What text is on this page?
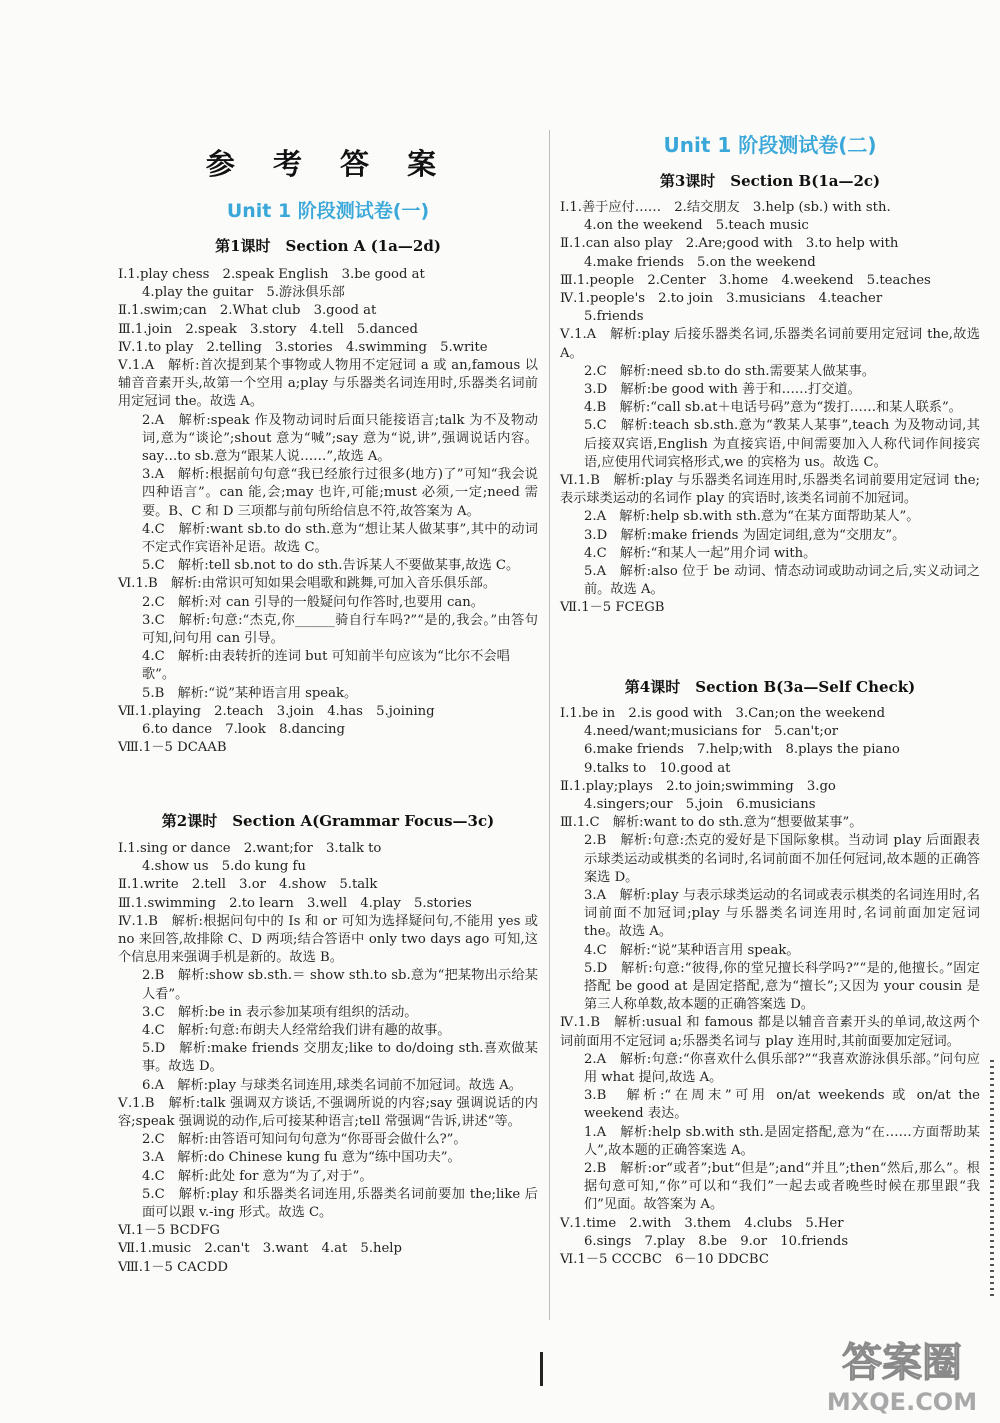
参 考 答 案
Unit 1 阶段测试卷(一)
第1课时　Section A (1a—2d)
Ⅰ.1.play chess　2.speak English　3.be good at
4.play the guitar　5.游泳俱乐部
Ⅱ.1.swim;can　2.What club　3.good at
Ⅲ.1.join　2.speak　3.story　4.tell　5.danced
Ⅳ.1.to play　2.telling　3.stories　4.swimming　5.write
Ⅴ.1.A　解析:首次提到某个事物或人物用不定冠词 a 或 an,famous 以辅音音素开头,故第一个空用 a;play 与乐器类名词连用时,乐器类名词前用定冠词 the。故选 A。
2.A　解析:speak 作及物动词时后面只能接语言;talk 为不及物动词,意为“谈论”;shout 意为“喊”;say 意为“说,讲”,强调说话内容。say…to sb.意为“跟某人说……”,故选 A。
3.A　解析:根据前句句意“我已经旅行过很多(地方)了”可知“我会说四种语言”。can 能,会;may 也许,可能;must 必须,一定;need 需要。B、C 和 D 三项都与前句所给信息不符,故答案为 A。
4.C　解析:want sb.to do sth.意为“想让某人做某事”,其中的动词不定式作宾语补足语。故选 C。
5.C　解析:tell sb.not to do sth.告诉某人不要做某事,故选 C。
Ⅵ.1.B　解析:由常识可知如果会唱歌和跳舞,可加入音乐俱乐部。
2.C　解析:对 can 引导的一般疑问句作答时,也要用 can。
3.C　解析:句意:“杰克,你______骑自行车吗?”“是的,我会。”由答句可知,问句用 can 引导。
4.C　解析:由表转折的连词 but 可知前半句应该为“比尔不会唱歌”。
5.B　解析:“说”某种语言用 speak。
Ⅶ.1.playing　2.teach　3.join　4.has　5.joining
6.to dance　7.look　8.dancing
Ⅷ.1－5 DCAAB
第2课时　Section A(Grammar Focus—3c)
Ⅰ.1.sing or dance　2.want;for　3.talk to
4.show us　5.do kung fu
Ⅱ.1.write　2.tell　3.or　4.show　5.talk
Ⅲ.1.swimming　2.to learn　3.well　4.play　5.stories
Ⅳ.1.B　解析:根据问句中的 Is 和 or 可知为选择疑问句,不能用 yes 或 no 来回答,故排除 C、D 两项;结合答语中 only two days ago 可知,这个信息用来强调手机是新的。故选 B。
2.B　解析:show sb.sth.＝ show sth.to sb.意为“把某物出示给某人看”。
3.C　解析:be in 表示参加某项有组织的活动。
4.C　解析:句意:布朗夫人经常给我们讲有趣的故事。
5.D　解析:make friends 交朋友;like to do/doing sth.喜欢做某事。故选 D。
6.A　解析:play 与球类名词连用,球类名词前不加冠词。故选 A。
Ⅴ.1.B　解析:talk 强调双方谈话,不强调所说的内容;say 强调说话的内容;speak 强调说的动作,后可接某种语言;tell 常强调“告诉,讲述”等。
2.C　解析:由答语可知问句句意为“你哥哥会做什么?”。
3.A　解析:do Chinese kung fu 意为“练中国功夫”。
4.C　解析:此处 for 意为“为了,对于”。
5.C　解析:play 和乐器类名词连用,乐器类名词前要加 the;like 后面可以跟 v.-ing 形式。故选 C。
Ⅵ.1－5 BCDFG
Ⅶ.1.music　2.can't　3.want　4.at　5.help
Ⅷ.1－5 CACDD
Unit 1 阶段测试卷(二)
第3课时　Section B(1a—2c)
Ⅰ.1.善于应付……　2.结交朋友　3.help (sb.) with sth.
4.on the weekend　5.teach music
Ⅱ.1.can also play　2.Are;good with　3.to help with
4.make friends　5.on the weekend
Ⅲ.1.people　2.Center　3.home　4.weekend　5.teaches
Ⅳ.1.people's　2.to join　3.musicians　4.teacher
5.friends
Ⅴ.1.A　解析:play 后接乐器类名词,乐器类名词前要用定冠词 the,故选 A。
2.C　解析:need sb.to do sth.需要某人做某事。
3.D　解析:be good with 善于和……打交道。
4.B　解析:“call sb.at＋电话号码”意为“拨打……和某人联系”。
5.C　解析:teach sb.sth.意为“教某人某事”,teach 为及物动词,其后接双宾语,English 为直接宾语,中间需要加入人称代词作间接宾语,应使用代词宾格形式,we 的宾格为 us。故选 C。
Ⅵ.1.B　解析:play 与乐器类名词连用时,乐器类名词前要用定冠词 the;表示球类运动的名词作 play 的宾语时,该类名词前不加冠词。
2.A　解析:help sb.with sth.意为“在某方面帮助某人”。
3.D　解析:make friends 为固定词组,意为“交朋友”。
4.C　解析:“和某人一起”用介词 with。
5.A　解析:also 位于 be 动词、情态动词或助动词之后,实义动词之前。故选 A。
Ⅶ.1－5 FCEGB
第4课时　Section B(3a—Self Check)
Ⅰ.1.be in　2.is good with　3.Can;on the weekend
4.need/want;musicians for　5.can't;or
6.make friends　7.help;with　8.plays the piano
9.talks to　10.good at
Ⅱ.1.play;plays　2.to join;swimming　3.go
4.singers;our　5.join　6.musicians
Ⅲ.1.C　解析:want to do sth.意为“想要做某事”。
2.B　解析:句意:杰克的爱好是下国际象棋。当动词 play 后面跟表示球类运动或棋类的名词时,名词前面不加任何冠词,故本题的正确答案选 D。
3.A　解析:play 与表示球类运动的名词或表示棋类的名词连用时,名词前面不加冠词;play 与乐器类名词连用时,名词前面加定冠词 the。故选 A。
4.C　解析:“说”某种语言用 speak。
5.D　解析:句意:“彼得,你的堂兄擅长科学吗?”“是的,他擅长。”固定搭配 be good at 是固定搭配,意为“擅长”;又因为 your cousin 是第三人称单数,故本题的正确答案选 D。
Ⅳ.1.B　解析:usual 和 famous 都是以辅音音素开头的单词,故这两个词前面用不定冠词 a;乐器类名词与 play 连用时,其前面要加定冠词。
2.A　解析:句意:“你喜欢什么俱乐部?”“我喜欢游泳俱乐部。”问句应用 what 提问,故选 A。
3.B　解析:“在周末”可用 on/at weekends 或 on/at the weekend 表达。
1.A　解析:help sb.with sth.是固定搭配,意为“在……方面帮助某人”,故本题的正确答案选 A。
2.B　解析:or“或者”;but“但是”;and“并且”;then“然后,那么”。根据句意可知,“你”可以和“我们”一起去或者晚些时候在那里跟“我们”见面。故答案为 A。
Ⅴ.1.time　2.with　3.them　4.clubs　5.Her
6.sings　7.play　8.be　9.or　10.friends
Ⅵ.1－5 CCCBC　6－10 DDCBC
答案圈
MXQE.COM
